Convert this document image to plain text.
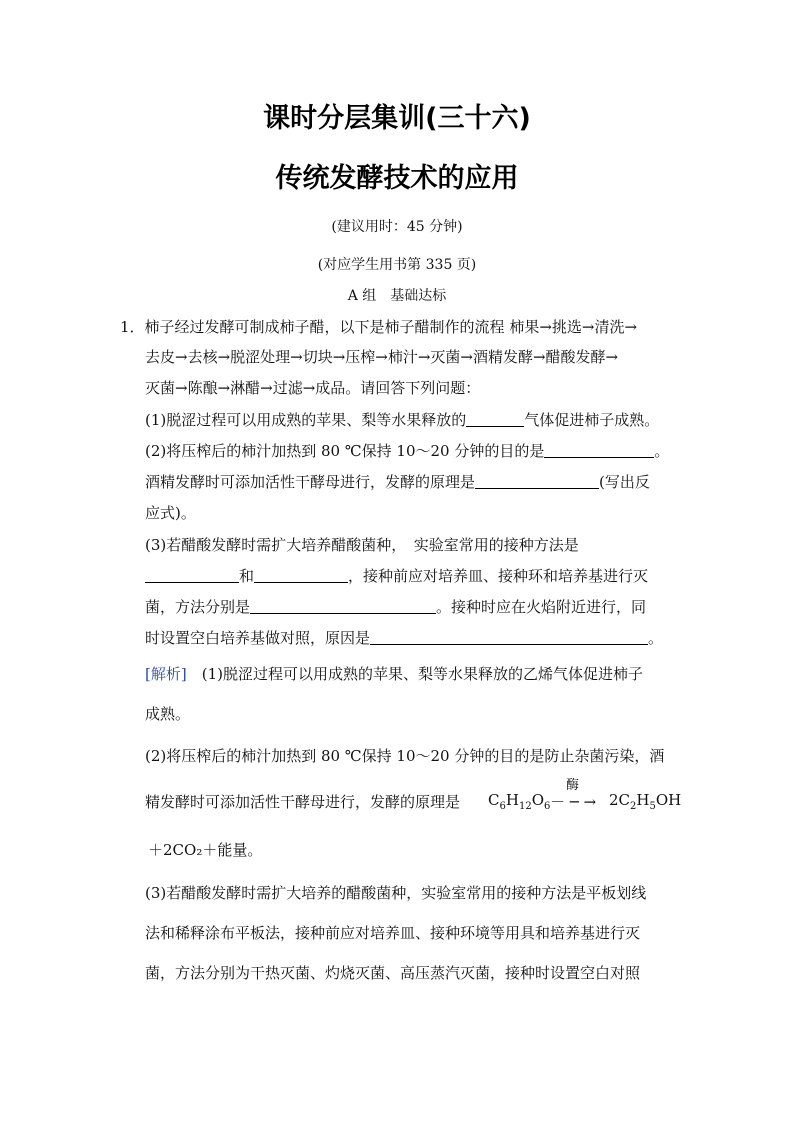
课时分层集训(三十六)
传统发酵技术的应用
(建议用时：45 分钟)
(对应学生用书第 335 页)
A 组　基础达标
1．柿子经过发酵可制成柿子醋，以下是柿子醋制作的流程 柿果→挑选→清洗→
去皮→去核→脱涩处理→切块→压榨→柿汁→灭菌→酒精发酵→醋酸发酵→
灭菌→陈酿→淋醋→过滤→成品。请回答下列问题：
(1)脱涩过程可以用成熟的苹果、梨等水果释放的	气体促进柿子成熟。
(2)将压榨后的柿汁加热到 80 ℃保持 10～20 分钟的目的是	。
酒精发酵时可添加活性干酵母进行，发酵的原理是	(写出反
应式)。
(3)若醋酸发酵时需扩大培养醋酸菌种，　实验室常用的接种方法是
和	，接种前应对培养皿、接种环和培养基进行灭
菌，方法分别是	。接种时应在火焰附近进行，同
时设置空白培养基做对照，原因是	。
[解析]　(1)脱涩过程可以用成熟的苹果、梨等水果释放的乙烯气体促进柿子
成熟。
(2)将压榨后的柿汁加热到 80 ℃保持 10～20 分钟的目的是防止杂菌污染，酒
精发酵时可添加活性干酵母进行，发酵的原理是 $C_6H_{12}O_6$
酶
－ ─ → $2C_2H_5OH$
＋2CO₂＋能量。
(3)若醋酸发酵时需扩大培养的醋酸菌种，实验室常用的接种方法是平板划线
法和稀释涂布平板法，接种前应对培养皿、接种环境等用具和培养基进行灭
菌，方法分别为干热灭菌、灼烧灭菌、高压蒸汽灭菌，接种时设置空白对照
